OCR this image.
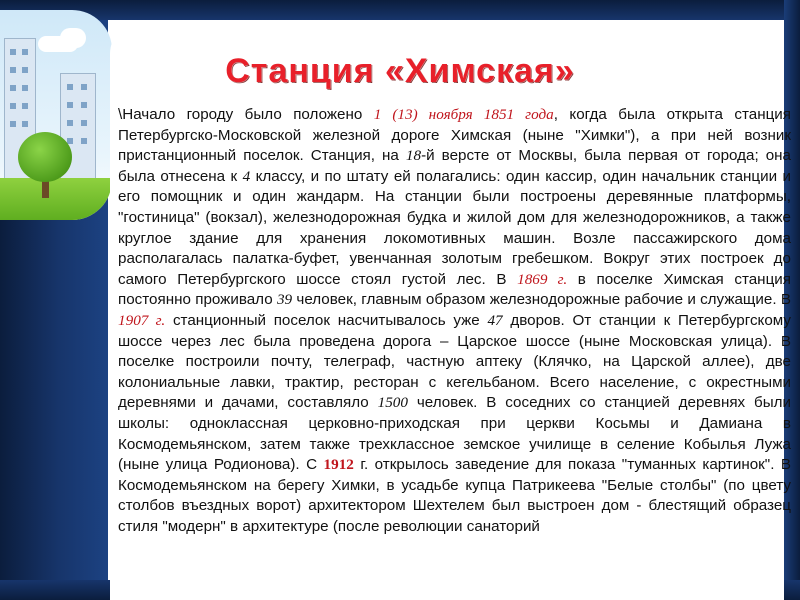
Станция «Химская»

\Начало городу было положено 1 (13) ноября 1851 года, когда была открыта станция Петербургско-Московской железной дороге Химская (ныне "Химки"), а при ней возник пристанционный поселок. Станция, на 18-й версте от Москвы, была первая от города; она была отнесена к 4 классу, и по штату ей полагались: один кассир, один начальник станции и его помощник и один жандарм. На станции были построены деревянные платформы, "гостиница" (вокзал), железнодорожная будка и жилой дом для железнодорожников, а также круглое здание для хранения локомотивных машин. Возле пассажирского дома располагалась палатка-буфет, увенчанная золотым гребешком. Вокруг этих построек до самого Петербургского шоссе стоял густой лес. В 1869 г. в поселке Химская станция постоянно проживало 39 человек, главным образом железнодорожные рабочие и служащие. В 1907 г. станционный поселок насчитывалось уже 47 дворов. От станции к Петербургскому шоссе через лес была проведена дорога – Царское шоссе (ныне Московская улица). В поселке построили почту, телеграф, частную аптеку (Клячко, на Царской аллее), две колониальные лавки, трактир, ресторан с кегельбаном. Всего население, с окрестными деревнями и дачами, составляло 1500 человек. В соседних со станцией деревнях были школы: одноклассная церковно-приходская при церкви Косьмы и Дамиана в Космодемьянском, затем также трехклассное земское училище в селение Кобылья Лужа (ныне улица Родионова). С 1912 г. открылось заведение для показа "туманных картинок". В Космодемьянском на берегу Химки, в усадьбе купца Патрикеева "Белые столбы" (по цвету столбов въездных ворот) архитектором Шехтелем был выстроен дом - блестящий образец стиля "модерн" в архитектуре (после революции санаторий
